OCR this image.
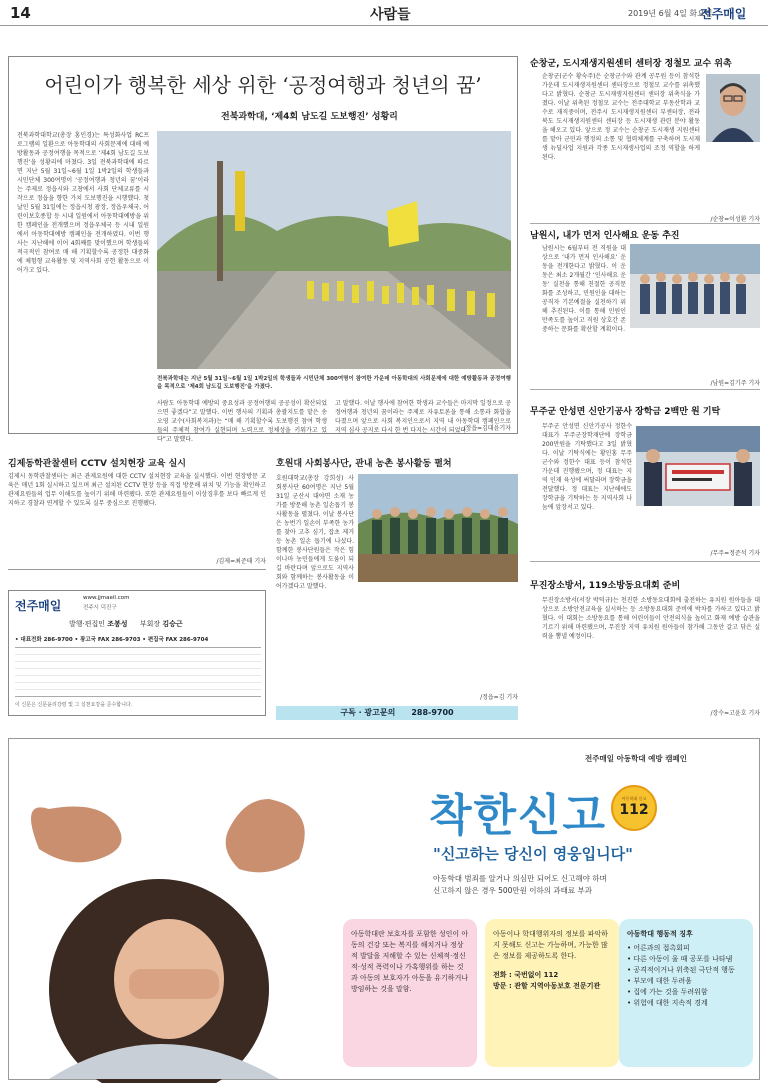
14	사람들	2019년 6월 4일 화요일
전주매일
어린이가 행복한 세상 위한 ‘공정여행과 청년의 꿈’
전북과학대, ‘제4회 남도길 도보행진’ 성황리
전북과학대학교(총장 홍인경)는 특성화사업 RC프로그램의 일환으로 아동학대의 사회문제에 대해 예방활동과 공정여행을 목적으로 ‘제4회 남도길 도보행진’을 성황리에 마쳤다. 3일 전북과학대에 따르면 지난 5월 31일~6월 1일 1박2일의 학생들과 시민단체 300여명이 ‘공정여행과 청년의 꿈’이라는 주제로 정읍시와 고창에서 사회 단체교류를 시작으로 정읍을 향한 가치 도보행진을 시행했다. 첫날인 5월 31일에는 정읍시청 광장, 정읍우체국, 어린이보호종합 등 시내 일원에서 아동학대예방을 위한 캠페인을 전개했으며 정읍우체국 등 시내 일원에서 아동학대예방 캠페인을 전개하였다. 이번 행사는 지난해에 이어 4회째를 맞이했으며 학생들의 적극적인 참여로 매 해 기획할수록 공정한 대중화에 체험형 교육활동 및 지역사회 공헌 활동으로 이어가고 있다.
전북과학대는 지난 5월 31일~6월 1일 1박2일의 학생들과 시민단체 300여명이 참여한 가운데 아동학대의 사회문제에 대한 예방활동과 공정여행을 목적으로 ‘제4회 남도길 도보행진’을 가졌다.
사람도 아동학대 예방의 중요성과 공정여행의 공공성이 확산되었으면 좋겠다”고 말했다. 이번 행사의 기획과 총괄지도를 맡은 송오영 교수(사회복지과)는 “매 해 기획할수록 도보행진 참여 학생들의 주체적 참여가 실현되며 노력으로 정체성을 키워가고 있다”고 말했다.
고 말했다. 이날 행사에 참여한 학생과 교수들은 마지막 일정으로 공정여행과 청년의 꿈이라는 주제로 자유토론을 통해 소통과 화합을 다졌으며 앞으로 사회 복지인으로서 지역 내 아동학대 캠페인으로 지역 심사 공지로 다시 한 번 다지는 시간이 되었다.
/정읍=김대윤기자
순창군, 도시재생지원센터 센터장 정철모 교수 위촉
순창군(군수 황숙주)은 순창군수와 관계 공무원 등이 참석한 가운데 도시재생지원센터 센터장으로 정철모 교수를 위촉했다고 밝혔다. 순창군 도시재생지원센터 센터장 위촉식을 가졌다. 이날 위촉된 정철모 교수는 전주대학교 부동산학과 교수로 재직중이며, 전주시 도시재생지원센터 부센터장, 전라북도 도시재생지원센터 센터장 등 도시재생 관련 분야 활동을 해오고 있다. 앞으로 정 교수는 순창군 도시재생 지원센터를 맡아 군민과 행정의 소통 및 협력체계를 구축하며 도시재생 뉴딜사업 지원과 각종 도시재생사업의 조정 역할을 하게 된다.
/순창=이성환 기자
남원시, 내가 먼저 인사해요 운동 추진
남원시는 6월부터 전 직원을 대상으로 ‘내가 먼저 인사해요’ 운동을 전개한다고 밝혔다. 이 운동은 최소 2개월간 ‘인사해요 운동’ 실천을 통해 친절한 공직문화를 조성하고, 민원인을 대하는 공직자 기본예절을 실천하기 위해 추진된다. 이를 통해 민원인 만족도를 높이고 직원 상호간 존중하는 문화를 확산할 계획이다.
/남원=김기주 기자
무주군 안성면 신안기공사 장학금 2백만 원 기탁
무주군 안성면 신안기공사 정한수 대표가 무주군장학재단에 장학금 200만원을 기탁했다고 3일 밝혔다. 이날 기탁식에는 황인홍 무주군수와 정한수 대표 등이 참석한 가운데 진행됐으며, 정 대표는 지역 인재 육성에 써달라며 장학금을 전달했다. 정 대표는 지난해에도 장학금을 기탁하는 등 지역사회 나눔에 앞장서고 있다.
/무주=정준석 기자
무진장소방서, 119소방동요대회 준비
무진장소방서(서장 박덕규)는 천진한 소방동요대회에 출전하는 유치원 원아들을 대상으로 소방안전교육을 실시하는 등 소방동요대회 준비에 박차를 가하고 있다고 밝혔다. 이 대회는 소방동요를 통해 어린이들이 안전의식을 높이고 화재 예방 습관을 기르기 위해 마련됐으며, 무진장 지역 유치원 원아들이 참가해 그동안 갈고 닦은 실력을 뽐낼 예정이다.
/장수=고윤호 기자
김제동학관찰센터 CCTV 설치현장 교육 실시
김제시 동학관찰센터는 최근 관제요원에 대한 CCTV 설치현장 교육을 실시했다. 이번 현장방문 교육은 매년 1회 실시하고 있으며 최근 설치된 CCTV 현장 등을 직접 방문해 위치 및 기능을 확인하고 관제요원들의 업무 이해도를 높이기 위해 마련됐다. 또한 관제요원들이 이상징후를 보다 빠르게 인지하고 경찰과 연계할 수 있도록 실무 중심으로 진행됐다.
/김제=최준태 기자
전주매일
www.jjmaeil.com
전주시 덕진구
발행·편집인 조봉성 부회장 김승근
• 대표전화 286-9700 • 광고국 FAX 286-9703 • 편집국 FAX 286-9704
이 신문은 신문윤리강령 및 그 실천요강을 준수합니다.
호원대 사회봉사단, 관내 농촌 봉사활동 펼쳐
호원대학교(총장 강희성) 사회봉사단 60여명은 지난 5월 31일 군산시 대야면 소재 농가를 방문해 농촌 일손돕기 봉사활동을 펼쳤다. 이날 봉사단은 농번기 일손이 부족한 농가를 찾아 고추 심기, 잡초 제거 등 농촌 일손 돕기에 나섰다. 함께한 봉사단원들은 작은 힘이나마 농민들에게 도움이 되길 바란다며 앞으로도 지역사회와 함께하는 봉사활동을 이어가겠다고 말했다.
/정읍=김 기자
구독 · 광고문의　　288-9700
전주매일 아동학대 예방 캠페인
착한신고	아동학대 신고
112
"신고하는 당신이 영웅입니다"
아동학대 범죄를 알거나 의심만 되어도 신고해야 하며
신고하지 않은 경우 500만원 이하의 과태료 부과
아동학대란 보호자를 포함한 성인이 아동의 건강 또는 복지를 해치거나 정상적 발달을 저해할 수 있는 신체적·정신적·성적 폭력이나 가혹행위를 하는 것과 아동의 보호자가 아동을 유기하거나 방임하는 것을 말함.
아동이나 학대행위자의 정보를 파악하지 못해도 신고는 가능하며, 가능한 많은 정보를 제공하도록 한다.
전화 : 국번없이 112
방문 : 관할 지역아동보호 전문기관
아동학대 행동적 징후
• 어른과의 접촉회피
• 다른 아동이 울 때 공포를 나타냄
• 공격적이거나 위축된 극단적 행동
• 부모에 대한 두려움
• 집에 가는 것을 두려워함
• 위험에 대한 지속적 경계
